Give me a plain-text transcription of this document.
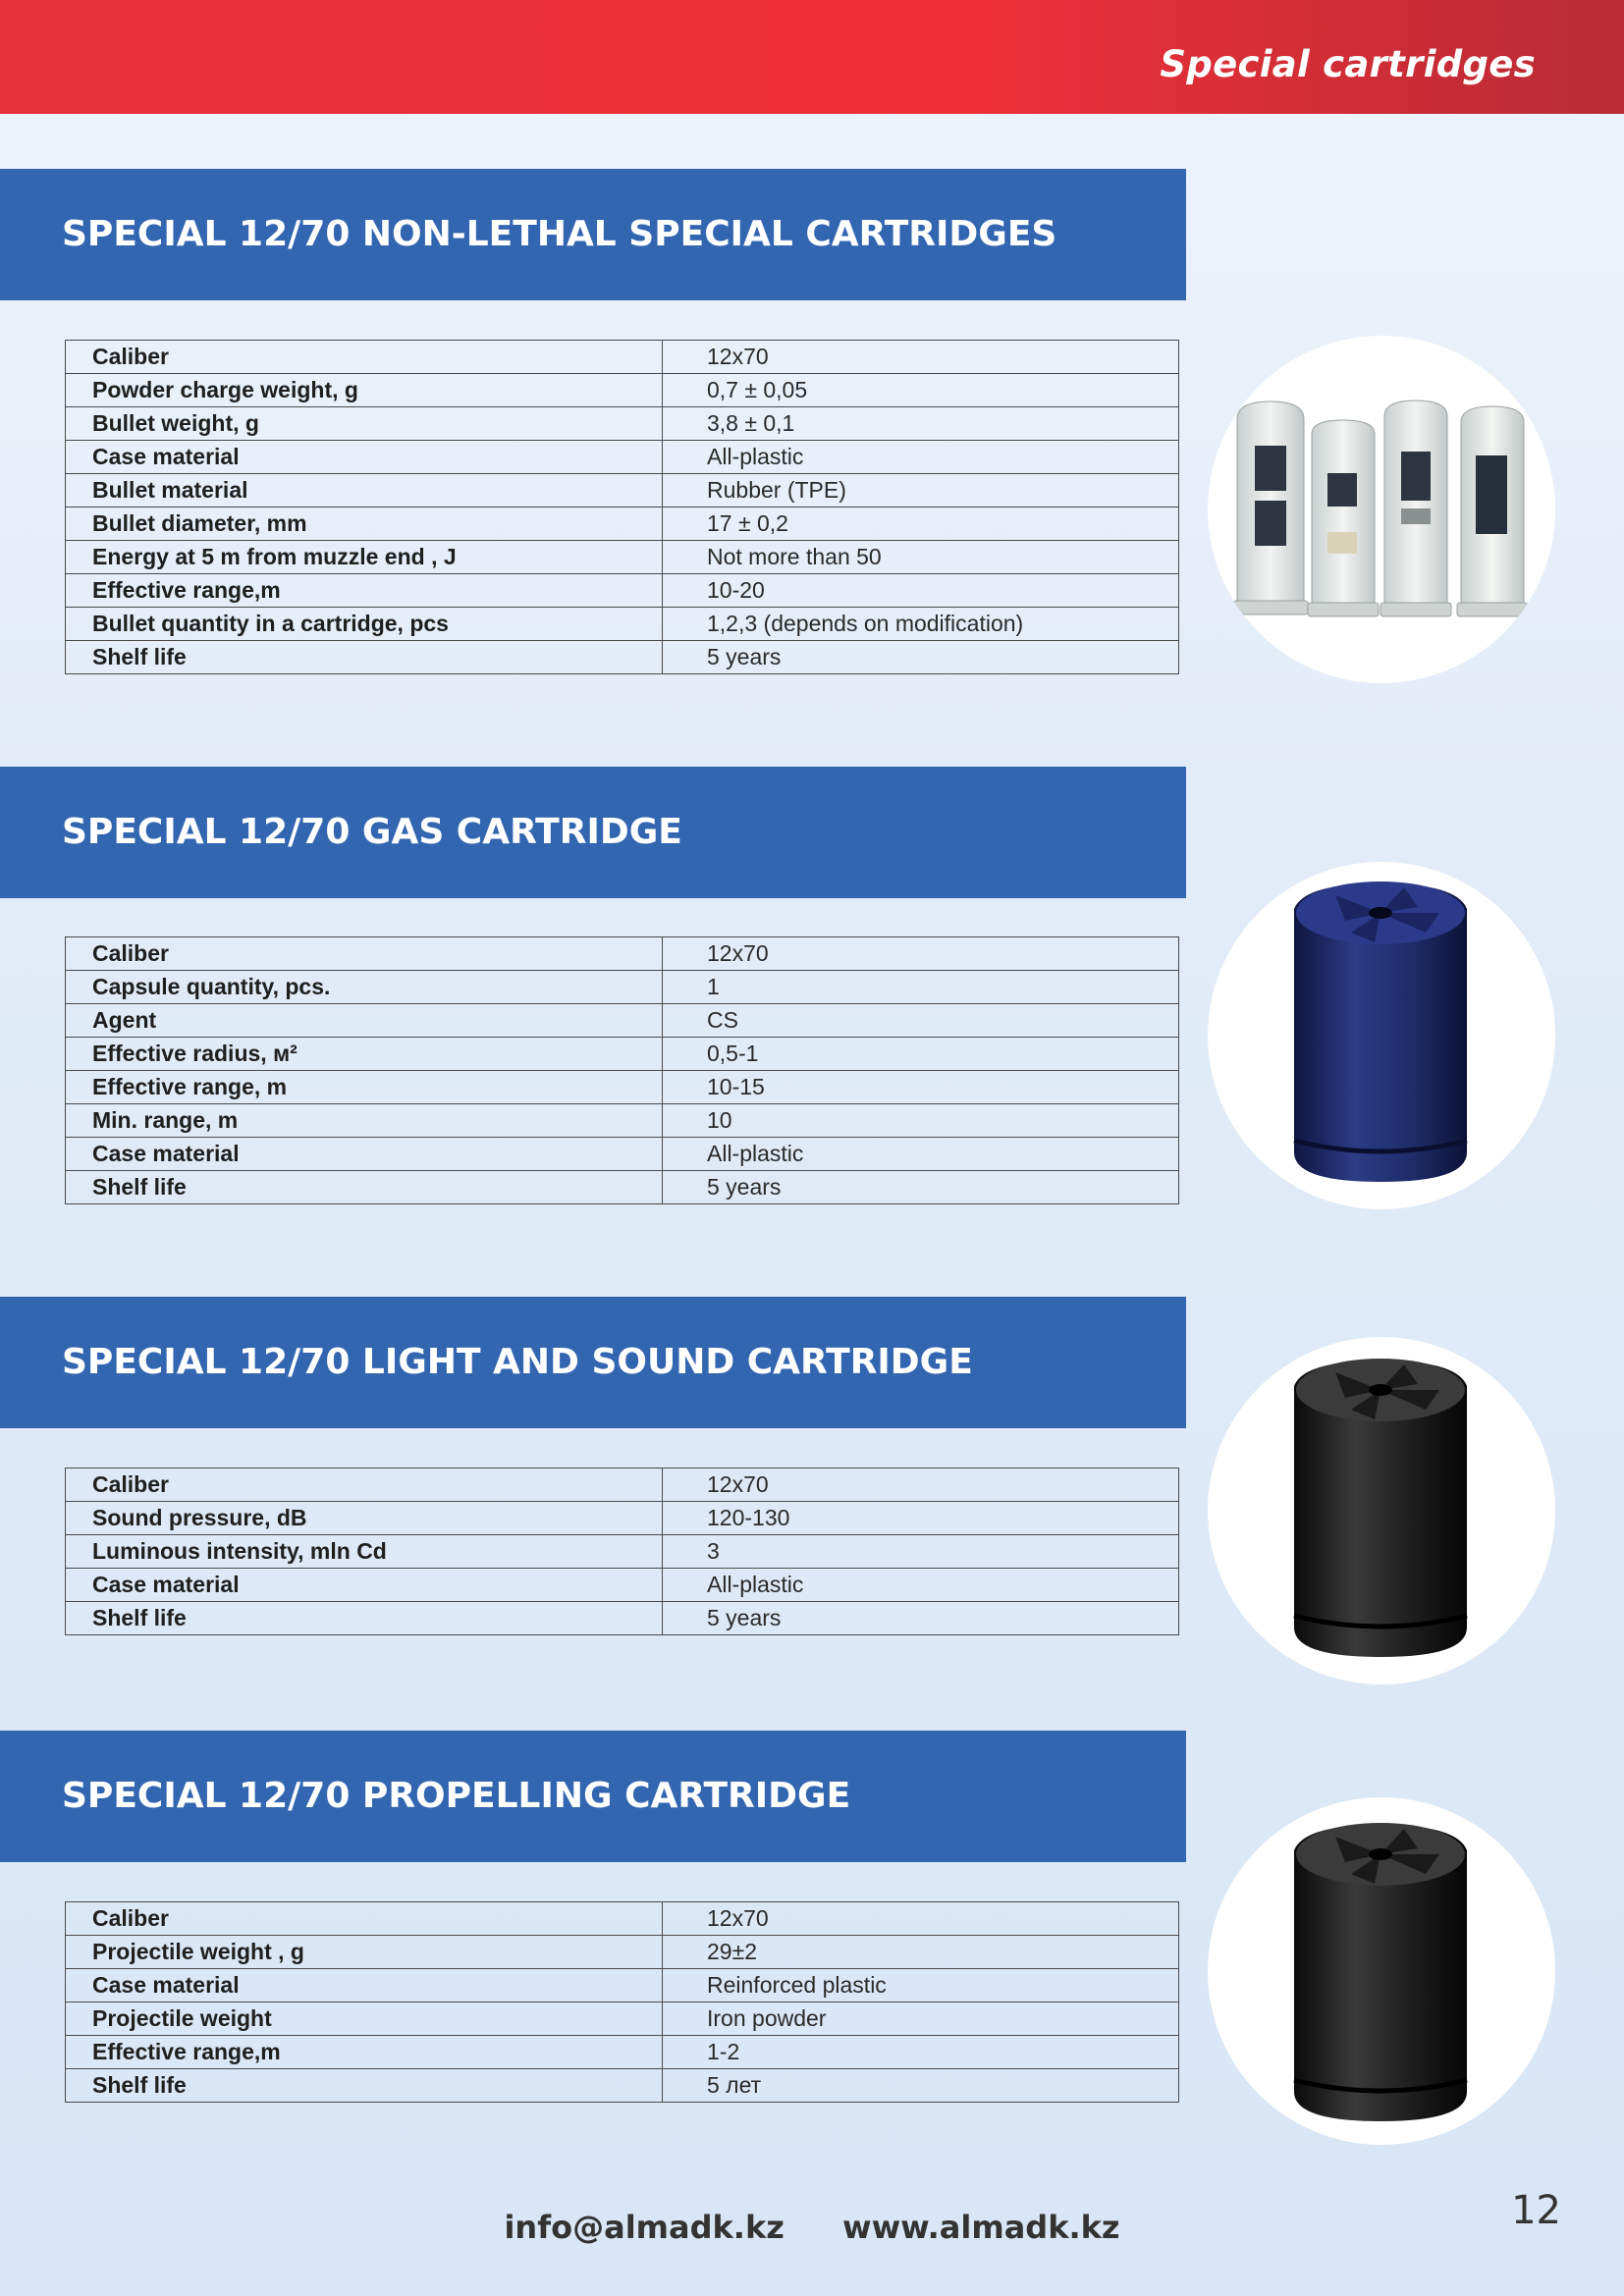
Special cartridges
SPECIAL 12/70 NON-LETHAL SPECIAL CARTRIDGES
Caliber	12x70
Powder charge weight, g	0,7 ± 0,05
Bullet weight, g	3,8 ± 0,1
Case material	All-plastic
Bullet material	Rubber (TPE)
Bullet diameter, mm	17 ± 0,2
Energy at 5 m from muzzle end , J	Not more than 50
Effective range,m	10-20
Bullet quantity in a cartridge, pcs	1,2,3 (depends on modification)
Shelf life	5 years
SPECIAL 12/70 GAS CARTRIDGE
Caliber	12x70
Capsule quantity, pcs.	1
Agent	CS
Effective radius, м²	0,5-1
Effective range, m	10-15
Min. range, m	10
Case material	All-plastic
Shelf life	5 years
SPECIAL 12/70 LIGHT AND SOUND CARTRIDGE
Caliber	12x70
Sound pressure, dB	120-130
Luminous intensity, mln Cd	3
Case material	All-plastic
Shelf life	5 years
SPECIAL 12/70 PROPELLING CARTRIDGE
Caliber	12x70
Projectile weight , g	29±2
Case material	Reinforced plastic
Projectile weight	Iron powder
Effective range,m	1-2
Shelf life	5 лет
info@almadk.kz www.almadk.kz	12
